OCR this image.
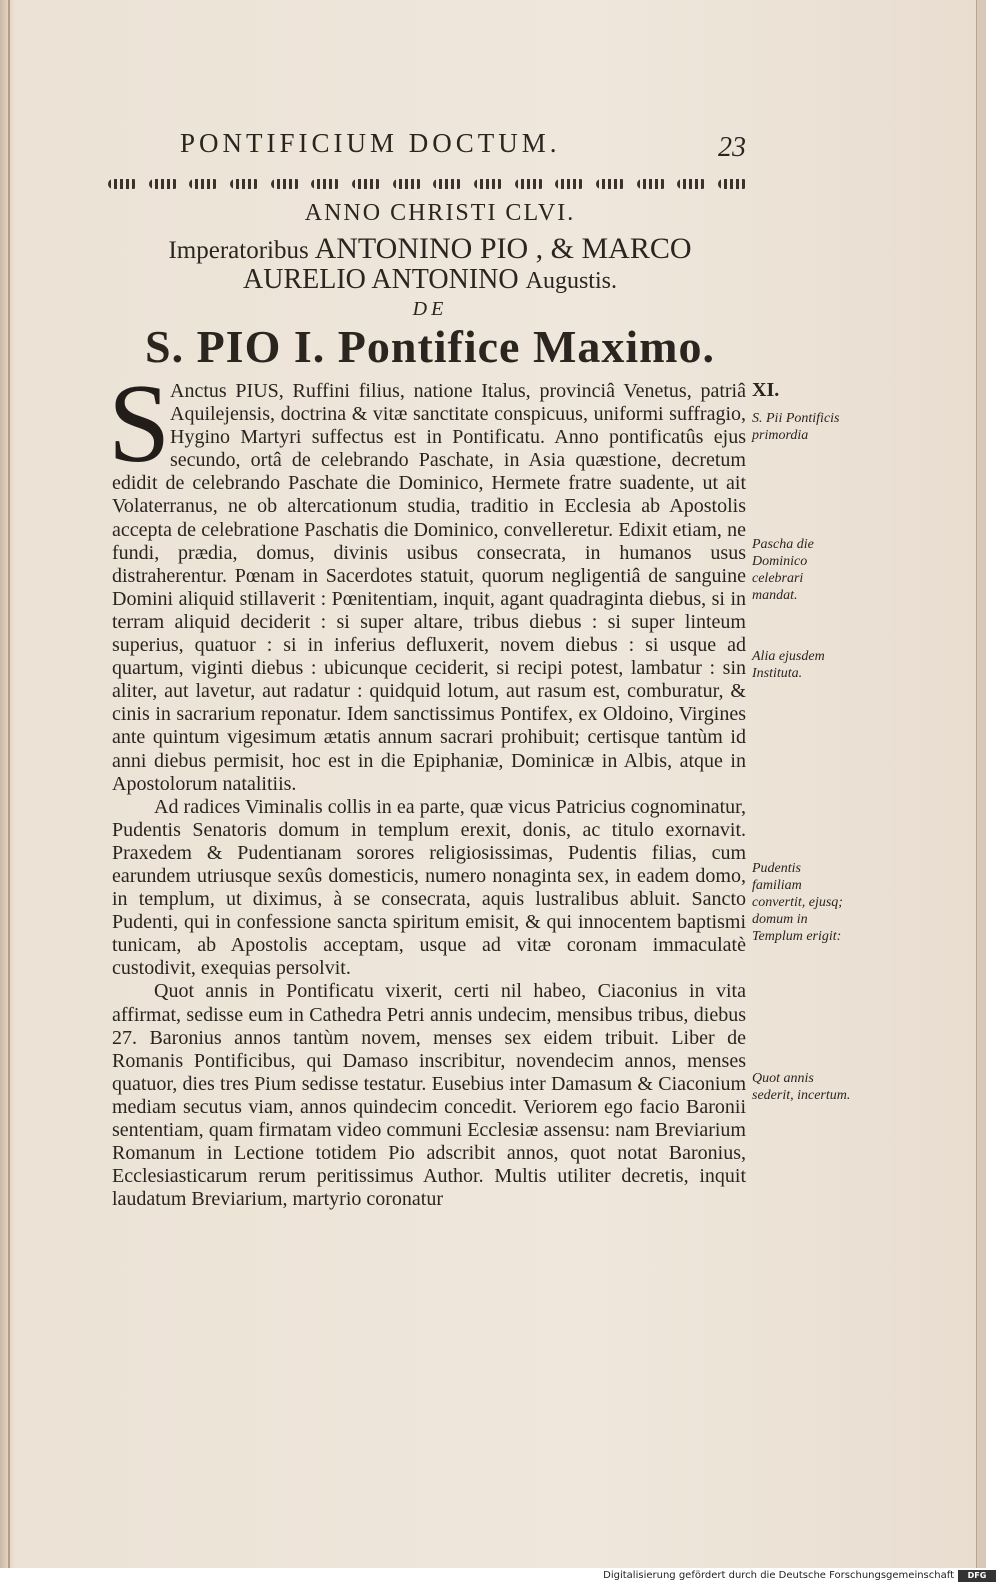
PONTIFICIUM DOCTUM.	23
ANNO CHRISTI CLVI.
Imperatoribus ANTONINO PIO , & MARCO
AURELIO ANTONINO Augustis.
DE
S. PIO I. Pontifice Maximo.
S Anctus PIUS, Ruffini filius, natione Italus, provinciâ Venetus, patriâ Aquilejensis, doctrina & vitæ sanctitate conspicuus, uniformi suffragio, Hygino Martyri suffectus est in Pontificatu. Anno pontificatûs ejus secundo, ortâ de celebrando Paschate, in Asia quæstione, decretum edidit de celebrando Paschate die Dominico, Hermete fratre suadente, ut ait Volaterranus, ne ob altercationum studia, traditio in Ecclesia ab Apostolis accepta de celebratione Paschatis die Dominico, convelleretur. Edixit etiam, ne fundi, prædia, domus, divinis usibus consecrata, in humanos usus distraherentur. Pœnam in Sacerdotes statuit, quorum negligentiâ de sanguine Domini aliquid stillaverit : Pœnitentiam, inquit, agant quadraginta diebus, si in terram aliquid deciderit : si super altare, tribus diebus : si super linteum superius, quatuor : si in inferius defluxerit, novem diebus : si usque ad quartum, viginti diebus : ubicunque ceciderit, si recipi potest, lambatur : sin aliter, aut lavetur, aut radatur : quidquid lotum, aut rasum est, comburatur, & cinis in sacrarium reponatur. Idem sanctissimus Pontifex, ex Oldoino, Virgines ante quintum vigesimum ætatis annum sacrari prohibuit; certisque tantùm id anni diebus permisit, hoc est in die Epiphaniæ, Dominicæ in Albis, atque in Apostolorum natalitiis.

Ad radices Viminalis collis in ea parte, quæ vicus Patricius cognominatur, Pudentis Senatoris domum in templum erexit, donis, ac titulo exornavit. Praxedem & Pudentianam sorores religiosissimas, Pudentis filias, cum earundem utriusque sexûs domesticis, numero nonaginta sex, in eadem domo, in templum, ut diximus, à se consecrata, aquis lustralibus abluit. Sancto Pudenti, qui in confessione sancta spiritum emisit, & qui innocentem baptismi tunicam, ab Apostolis acceptam, usque ad vitæ coronam immaculatè custodivit, exequias persolvit.

Quot annis in Pontificatu vixerit, certi nil habeo, Ciaconius in vita affirmat, sedisse eum in Cathedra Petri annis undecim, mensibus tribus, diebus 27. Baronius annos tantùm novem, menses sex eidem tribuit. Liber de Romanis Pontificibus, qui Damaso inscribitur, novendecim annos, menses quatuor, dies tres Pium sedisse testatur. Eusebius inter Damasum & Ciaconium mediam secutus viam, annos quindecim concedit. Veriorem ego facio Baronii sententiam, quam firmatam video communi Ecclesiæ assensu: nam Breviarium Romanum in Lectione totidem Pio adscribit annos, quot notat Baronius, Ecclesiasticarum rerum peritissimus Author. Multis utiliter decretis, inquit laudatum Breviarium, martyrio coronatur

XI.
S. Pii Pontificis primordia
Pascha die Dominico celebrari mandat.
Alia ejusdem Instituta.
Pudentis familiam convertit, ejusq; domum in Templum erigit:
Quot annis sederit, incertum.
Digitalisierung gefördert durch die Deutsche Forschungsgemeinschaft	DFG
